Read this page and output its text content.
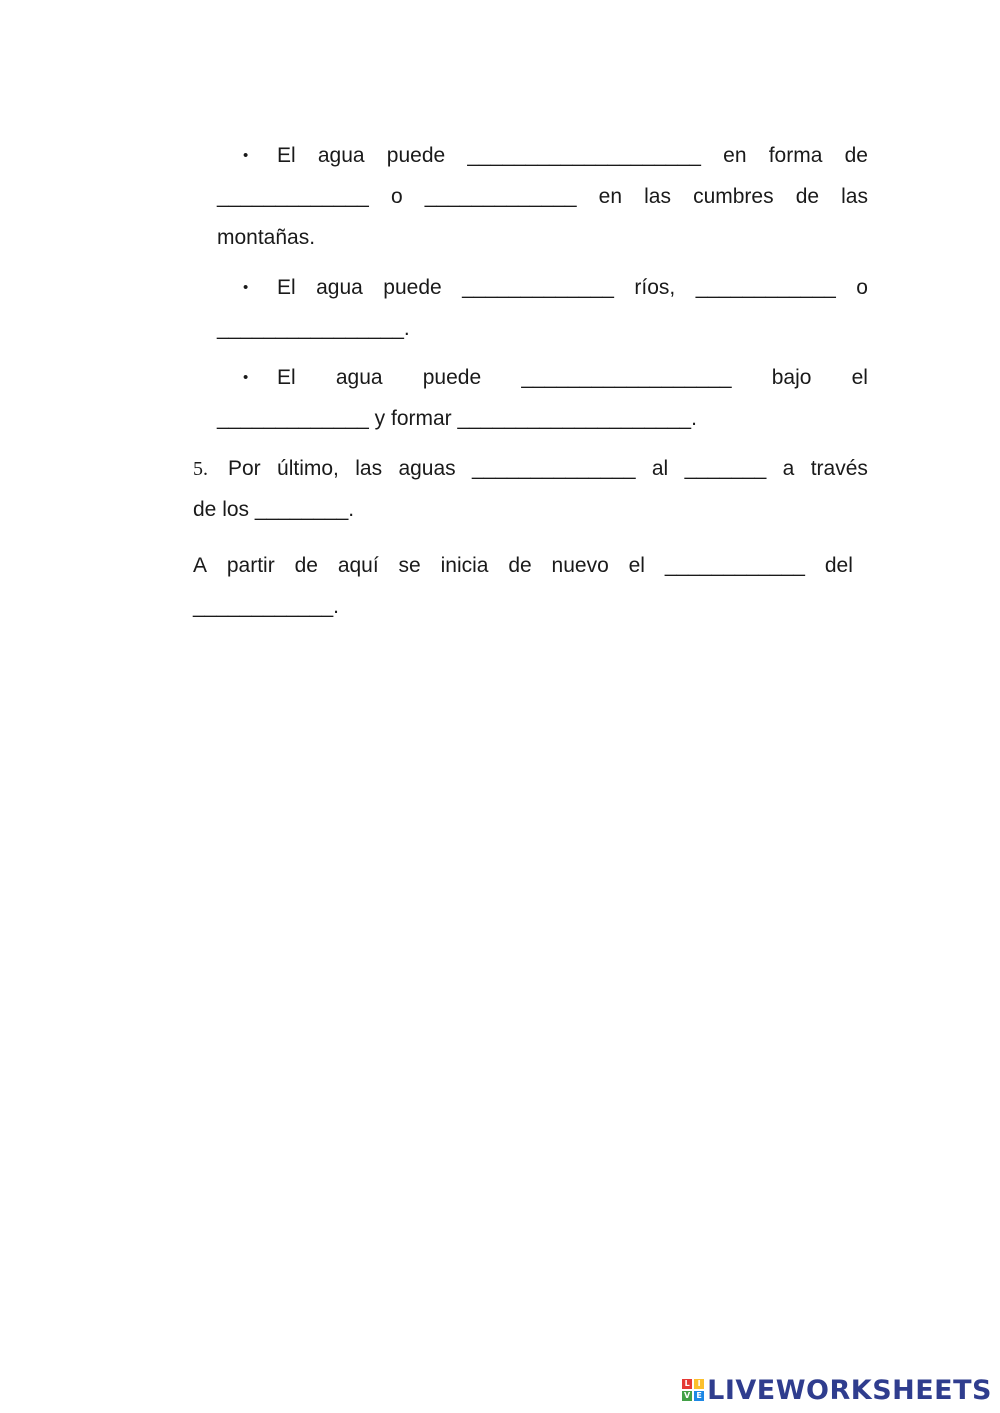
• El agua puede ____________________ en forma de
_____________ o _____________ en las cumbres de las
montañas.
• El agua puede _____________ ríos, ____________ o
________________.
• El agua puede __________________ bajo el
_____________ y formar ____________________.
5. Por último, las aguas ______________ al _______ a través
de los ________.
A partir de aquí se inicia de nuevo el ____________ del
____________.
L I
V E LIVEWORKSHEETS
